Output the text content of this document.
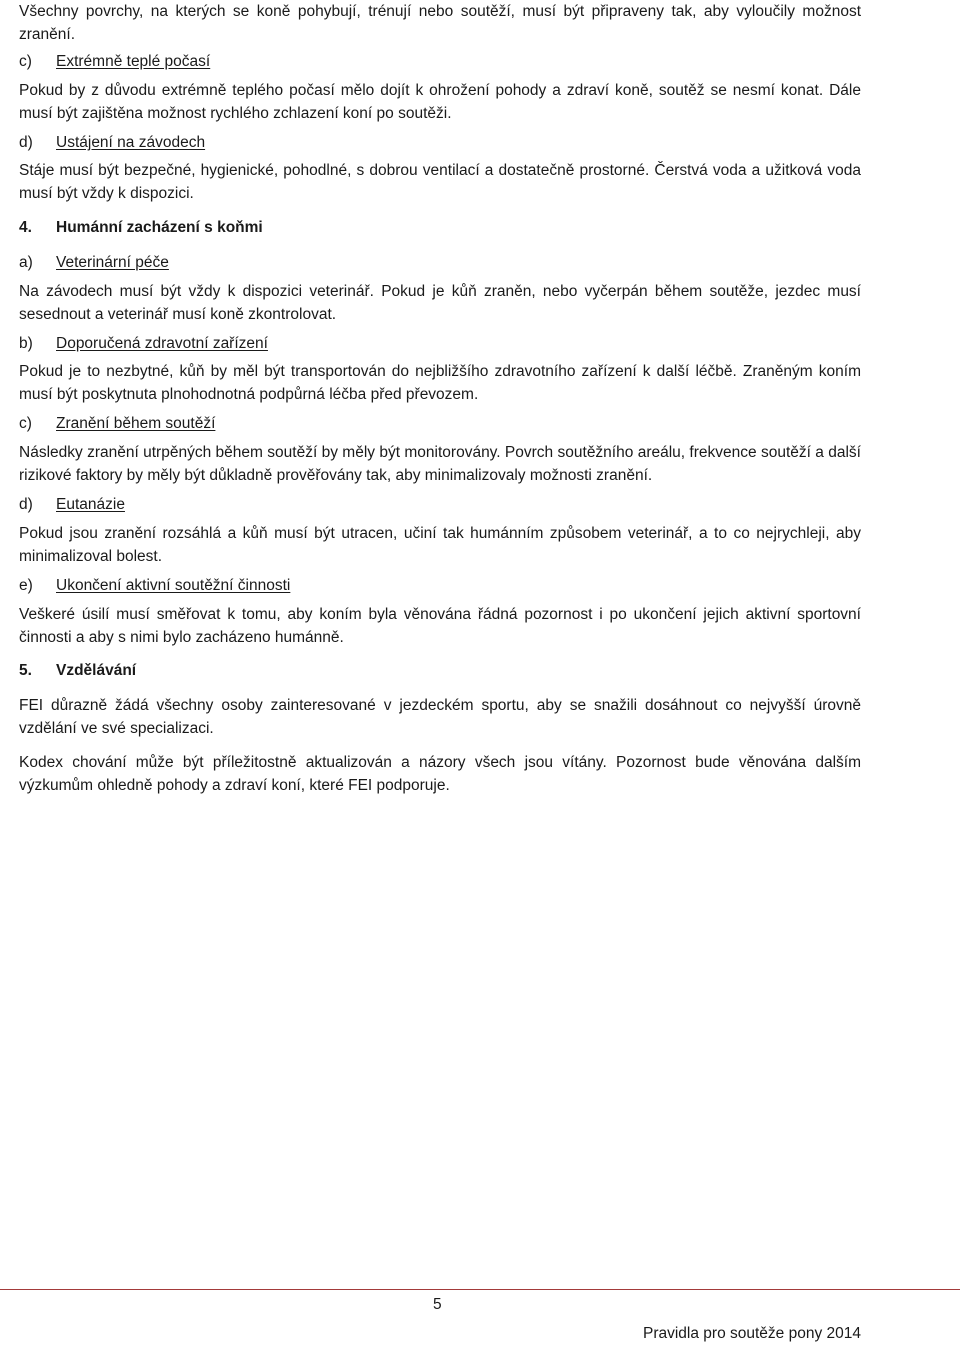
Všechny povrchy, na kterých se koně pohybují, trénují nebo soutěží, musí být připraveny tak, aby vyloučily možnost zranění.

c) Extrémně teplé počasí

Pokud by z důvodu extrémně teplého počasí mělo dojít k ohrožení pohody a zdraví koně, soutěž se nesmí konat. Dále musí být zajištěna možnost rychlého zchlazení koní po soutěži.

d) Ustájení na závodech

Stáje musí být bezpečné, hygienické, pohodlné, s dobrou ventilací a dostatečně prostorné. Čerstvá voda a užitková voda musí být vždy k dispozici.

4. Humánní zacházení s koňmi
a) Veterinární péče

Na závodech musí být vždy k dispozici veterinář. Pokud je kůň zraněn, nebo vyčerpán během soutěže, jezdec musí sesednout a veterinář musí koně zkontrolovat.

b) Doporučená zdravotní zařízení

Pokud je to nezbytné, kůň by měl být transportován do nejbližšího zdravotního zařízení k další léčbě. Zraněným koním musí být poskytnuta plnohodnotná podpůrná léčba před převozem.

c) Zranění během soutěží

Následky zranění utrpěných během soutěží by měly být monitorovány. Povrch soutěžního areálu, frekvence soutěží a další rizikové faktory by měly být důkladně prověřovány tak, aby minimalizovaly možnosti zranění.

d) Eutanázie

Pokud jsou zranění rozsáhlá a kůň musí být utracen, učiní tak humánním způsobem veterinář, a to co nejrychleji, aby minimalizoval bolest.

e) Ukončení aktivní soutěžní činnosti

Veškeré úsilí musí směřovat k tomu, aby koním byla věnována řádná pozornost i po ukončení jejich aktivní sportovní činnosti a aby s nimi bylo zacházeno humánně.

5. Vzdělávání

FEI důrazně žádá všechny osoby zainteresované v jezdeckém sportu, aby se snažili dosáhnout co nejvyšší úrovně vzdělání ve své specializaci.

Kodex chování může být příležitostně aktualizován a názory všech jsou vítány. Pozornost bude věnována dalším výzkumům ohledně pohody a zdraví koní, které FEI podporuje.

5
Pravidla pro soutěže pony 2014
